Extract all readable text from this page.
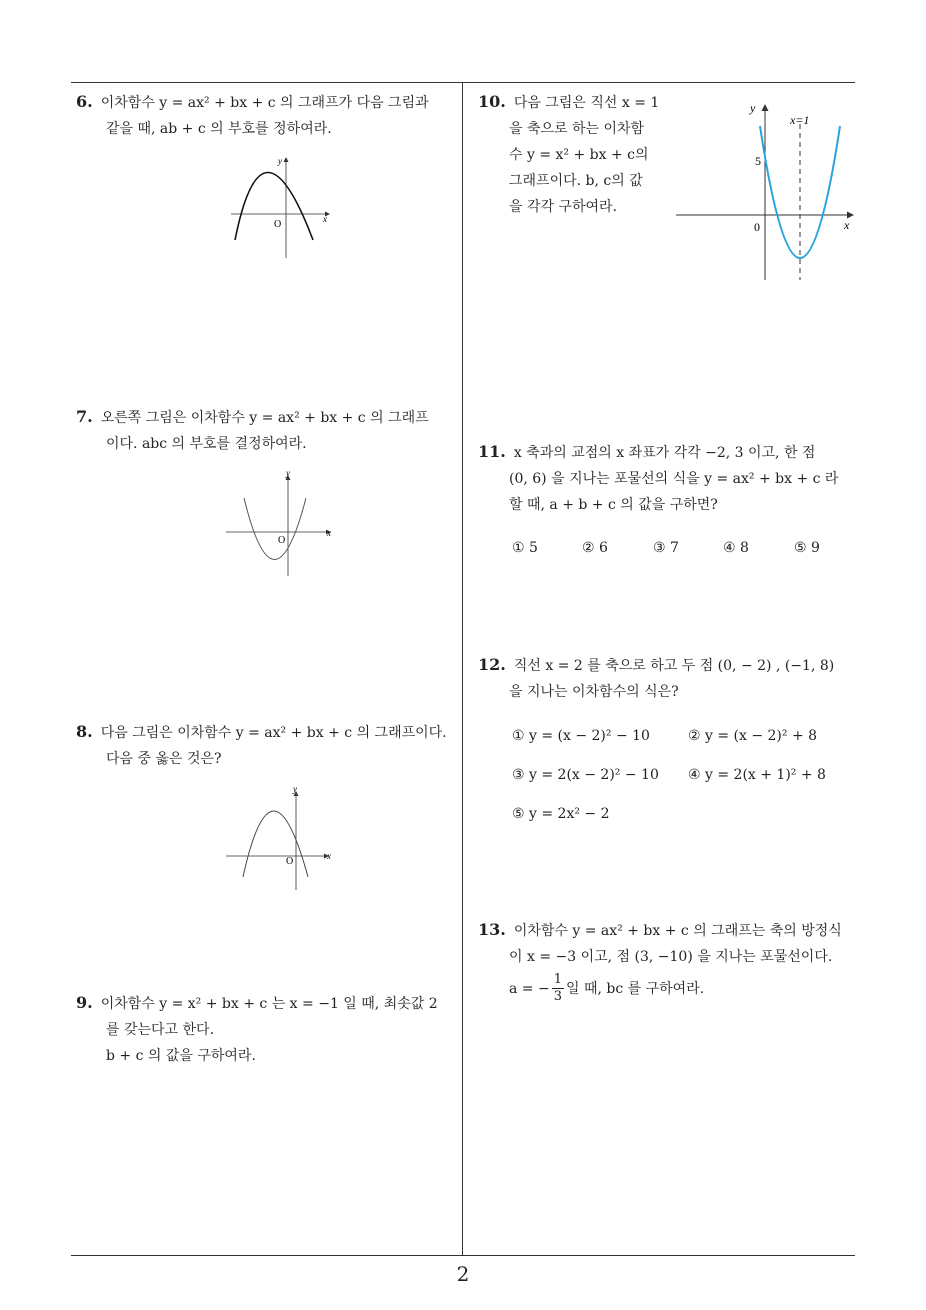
6. 이차함수 y = ax² + bx + c 의 그래프가 다음 그림과
같을 때, ab + c 의 부호를 정하여라.
y
x
O
7. 오른쪽 그림은 이차함수 y = ax² + bx + c 의 그래프
이다. abc 의 부호를 결정하여라.
y
x
O
8. 다음 그림은 이차함수 y = ax² + bx + c 의 그래프이다.
다음 중 옳은 것은?
y
x
O
9. 이차함수 y = x² + bx + c 는 x = −1 일 때, 최솟값 2
를 갖는다고 한다.
b + c 의 값을 구하여라.
10. 다음 그림은 직선 x = 1
을 축으로 하는 이차함
수 y = x² + bx + c의
그래프이다. b, c의 값
을 각각 구하여라.
y
x
0
5
x=1
11. x 축과의 교점의 x 좌표가 각각 −2, 3 이고, 한 점
(0, 6) 을 지나는 포물선의 식을 y = ax² + bx + c 라
할 때, a + b + c 의 값을 구하면?
① 5	② 6	③ 7	④ 8	⑤ 9
12. 직선 x = 2 를 축으로 하고 두 점 (0, − 2) , (−1, 8)
을 지나는 이차함수의 식은?
① y = (x − 2)² − 10	② y = (x − 2)² + 8
③ y = 2(x − 2)² − 10 ④ y = 2(x + 1)² + 8
⑤ y = 2x² − 2
13. 이차함수 y = ax² + bx + c 의 그래프는 축의 방정식
이 x = −3 이고, 점 (3, −10) 을 지나는 포물선이다.
a = − $\frac{1}{3}$ 일 때, bc 를 구하여라.
2
